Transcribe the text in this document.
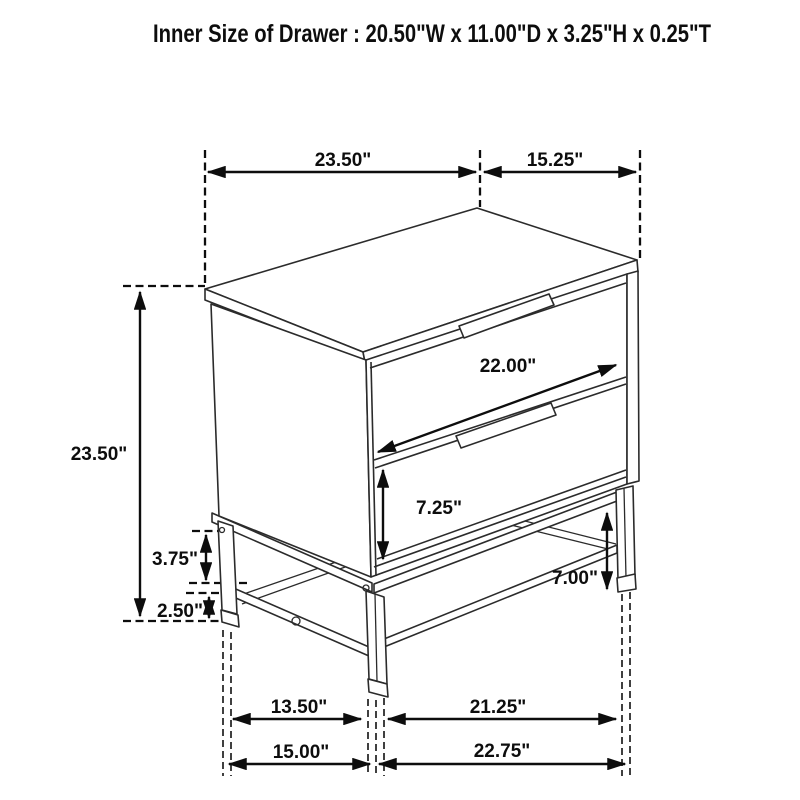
Inner Size of Drawer : 20.50"W x 11.00"D x 3.25"H x 0.25"T
23.50"	15.25"
23.50"
22.00"
7.25"
3.75"
2.50"
7.00"
13.50"	21.25"
15.00"	22.75"
